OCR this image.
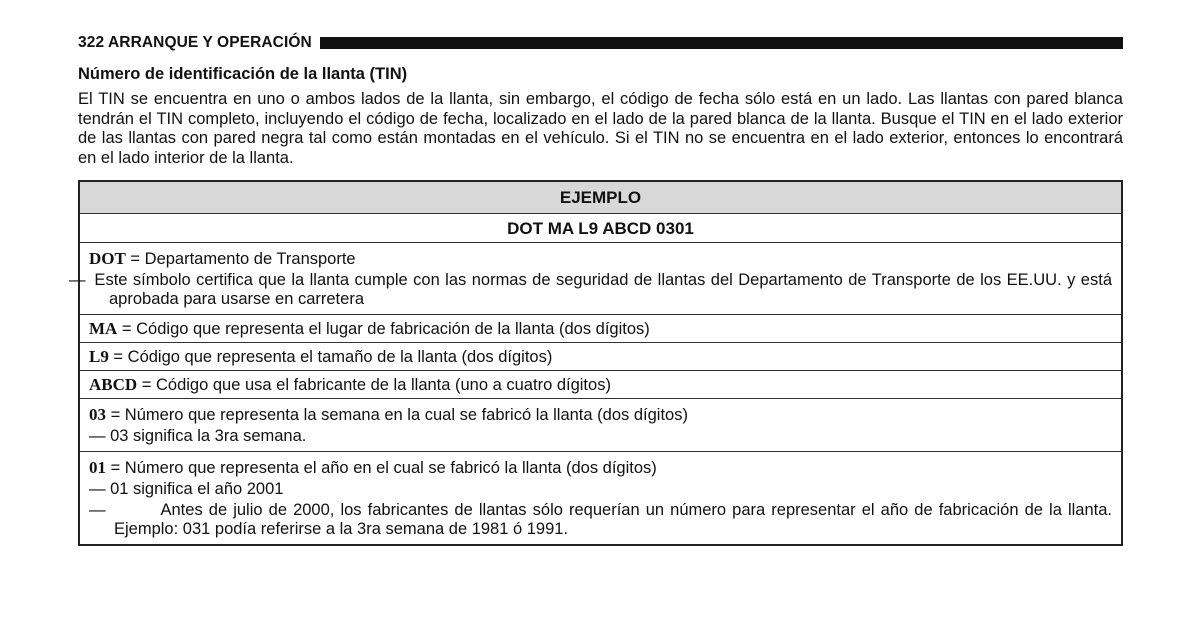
322 ARRANQUE Y OPERACIÓN
Número de identificación de la llanta (TIN)
El TIN se encuentra en uno o ambos lados de la llanta, sin embargo, el código de fecha sólo está en un lado. Las llantas con pared blanca tendrán el TIN completo, incluyendo el código de fecha, localizado en el lado de la pared blanca de la llanta. Busque el TIN en el lado exterior de las llantas con pared negra tal como están montadas en el vehículo. Si el TIN no se encuentra en el lado exterior, entonces lo encontrará en el lado interior de la llanta.
EJEMPLO
DOT MA L9 ABCD 0301
DOT = Departamento de Transporte
— Este símbolo certifica que la llanta cumple con las normas de seguridad de llantas del Departamento de Transporte de los EE.UU. y está aprobada para usarse en carretera
MA = Código que representa el lugar de fabricación de la llanta (dos dígitos)
L9 = Código que representa el tamaño de la llanta (dos dígitos)
ABCD = Código que usa el fabricante de la llanta (uno a cuatro dígitos)
03 = Número que representa la semana en la cual se fabricó la llanta (dos dígitos)
— 03 significa la 3ra semana.
01 = Número que representa el año en el cual se fabricó la llanta (dos dígitos)
— 01 significa el año 2001
—	Antes de julio de 2000, los fabricantes de llantas sólo requerían un número para representar el año de fabricación de la llanta. Ejemplo: 031 podía referirse a la 3ra semana de 1981 ó 1991.
